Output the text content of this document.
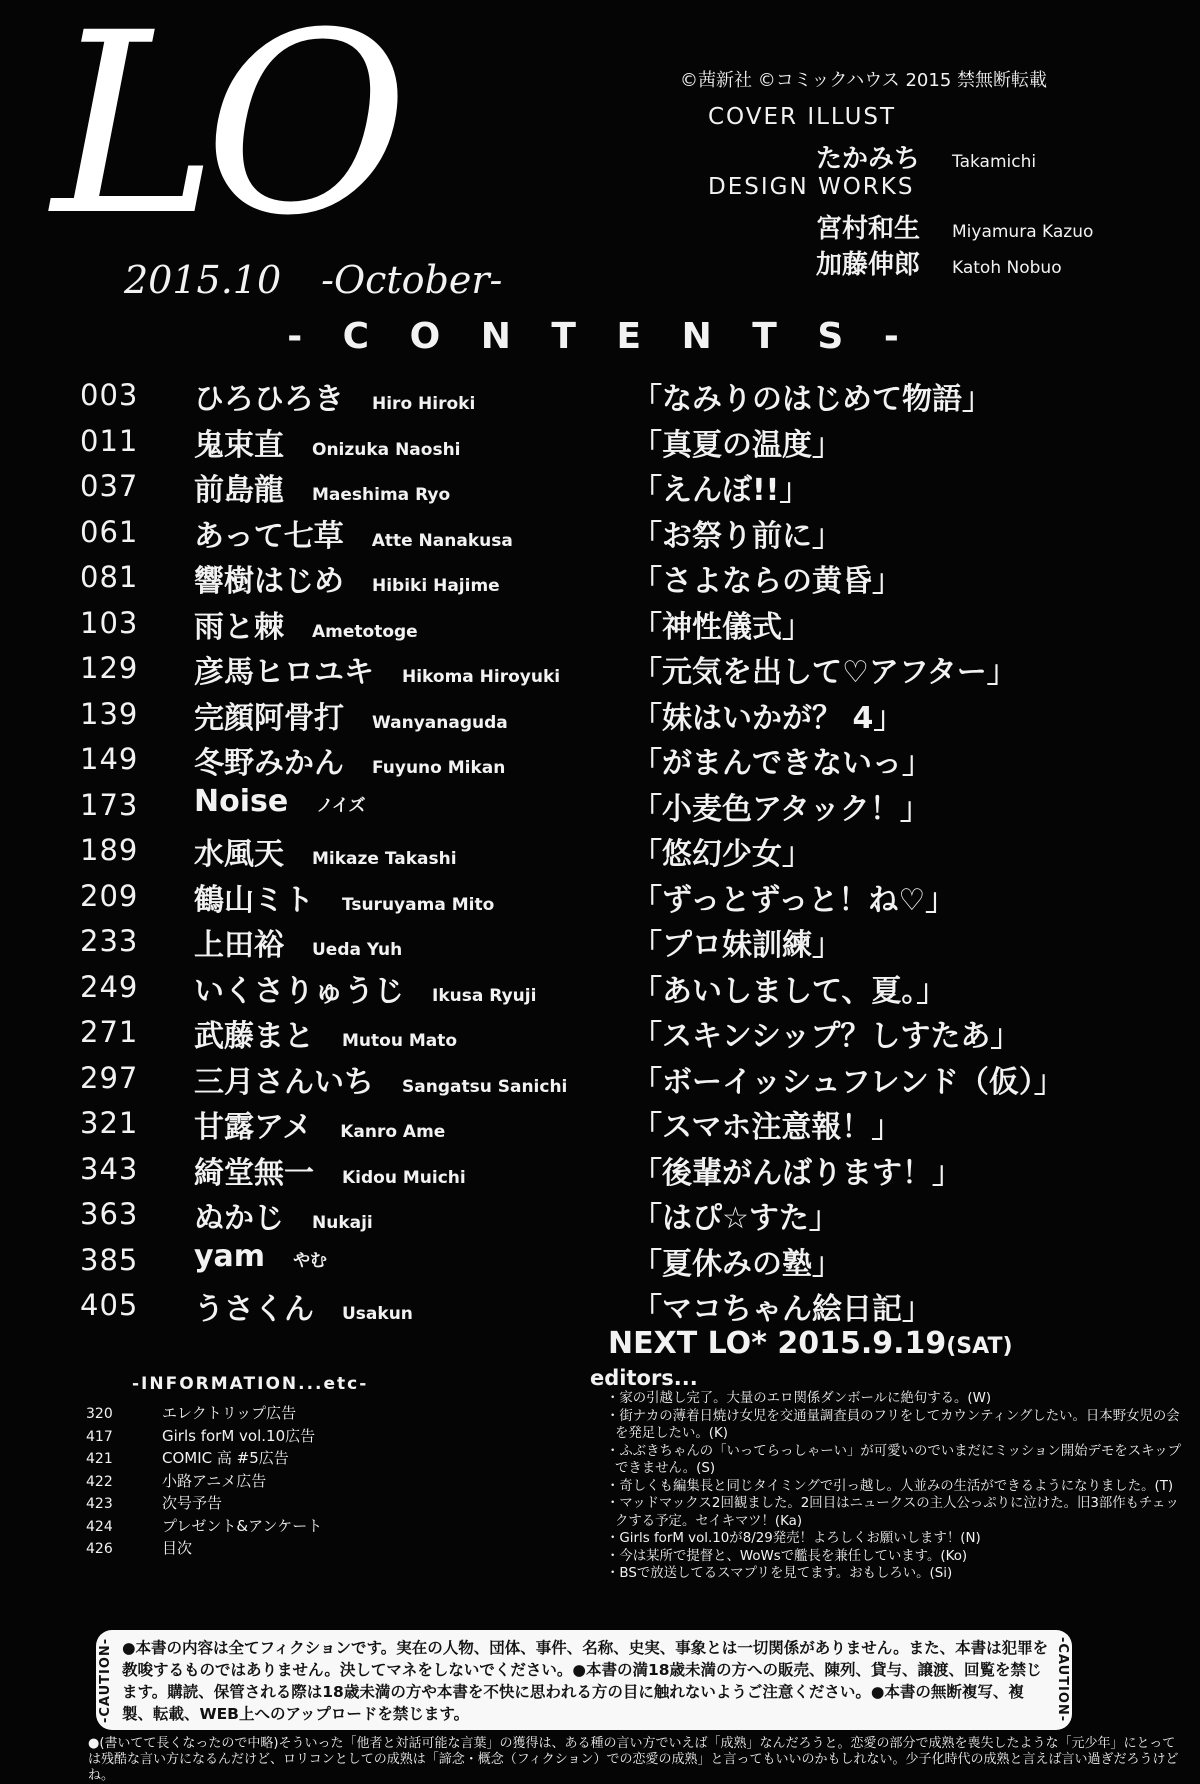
LO
2015.10 -October-
©茜新社 ©コミックハウス 2015 禁無断転載
COVER ILLUST
たかみち Takamichi
DESIGN WORKS
宮村和生 Miyamura Kazuo
加藤伸郎 Katoh Nobuo
- C O N T E N T S -
003 ひろひろき Hiro Hiroki	「なみりのはじめて物語」
011 鬼束直 Onizuka Naoshi	「真夏の温度」
037 前島龍 Maeshima Ryo	「えんぼ!!」
061 あって七草 Atte Nanakusa	「お祭り前に」
081 響樹はじめ Hibiki Hajime	「さよならの黄昏」
103 雨と棘 Ametotoge	「神性儀式」
129 彦馬ヒロユキ Hikoma Hiroyuki 「元気を出して♡アフター」
139 完顔阿骨打 Wanyanaguda	「妹はいかが？ 4」
149 冬野みかん Fuyuno Mikan	「がまんできないっ」
173 Noise ノイズ	「小麦色アタック！」
189 水風天 Mikaze Takashi	「悠幻少女」
209 鶴山ミト Tsuruyama Mito	「ずっとずっと！ね♡」
233 上田裕 Ueda Yuh	「プロ妹訓練」
249 いくさりゅうじ Ikusa Ryuji	「あいしまして、夏。」
271 武藤まと Mutou Mato	「スキンシップ？しすたあ」
297 三月さんいち Sangatsu Sanichi 「ボーイッシュフレンド（仮）」
321 甘露アメ Kanro Ame	「スマホ注意報！」
343 綺堂無一 Kidou Muichi	「後輩がんばります！」
363 ぬかじ Nukaji	「はぴ☆すた」
385 yam やむ	「夏休みの塾」
405 うさくん Usakun	「マコちゃん絵日記」
NEXT LO* 2015.9.19(SAT)
-INFORMATION...etc-
320	エレクトリップ広告
417	Girls forM vol.10広告
421	COMIC 高 #5広告
422	小路アニメ広告
423	次号予告
424	プレゼント&アンケート
426	目次
editors...
・ 家の引越し完了。大量のエロ関係ダンボールに絶句する。(W)
・ 街ナカの薄着日焼け女児を交通量調査員のフリをしてカウンティングしたい。日本野女児の会を発足したい。(K)
・ ふぶきちゃんの「いってらっしゃーい」が可愛いのでいまだにミッション開始デモをスキップできません。(S)
・ 奇しくも編集長と同じタイミングで引っ越し。人並みの生活ができるようになりました。(T)
・ マッドマックス2回観ました。2回目はニュークスの主人公っぷりに泣けた。旧3部作もチェックする予定。セイキマツ！(Ka)
・ Girls forM vol.10が8/29発売！よろしくお願いします！(N)
・ 今は某所で提督と、WoWsで艦長を兼任しています。(Ko)
・ BSで放送してるスマプリを見てます。おもしろい。(Si)
●本書の内容は全てフィクションです。実在の人物、団体、事件、名称、史実、事象とは一切関係がありません。また、本書は犯罪を教唆するものではありません。決してマネをしないでください。●本書の満18歳未満の方への販売、陳列、貸与、譲渡、回覧を禁じます。購読、保管される際は18歳未満の方や本書を不快に思われる方の目に触れないようご注意ください。●本書の無断複写、複製、転載、WEB上へのアップロードを禁じます。
-CAUTION-	-CAUTION-
●(書いてて長くなったので中略)そういった「他者と対話可能な言葉」の獲得は、ある種の言い方でいえば「成熟」なんだろうと。恋愛の部分で成熟を喪失したような「元少年」にとっては残酷な言い方になるんだけど、ロリコンとしての成熟は「諦念・概念（フィクション）での恋愛の成熟」と言ってもいいのかもしれない。少子化時代の成熟と言えば言い過ぎだろうけどね。
